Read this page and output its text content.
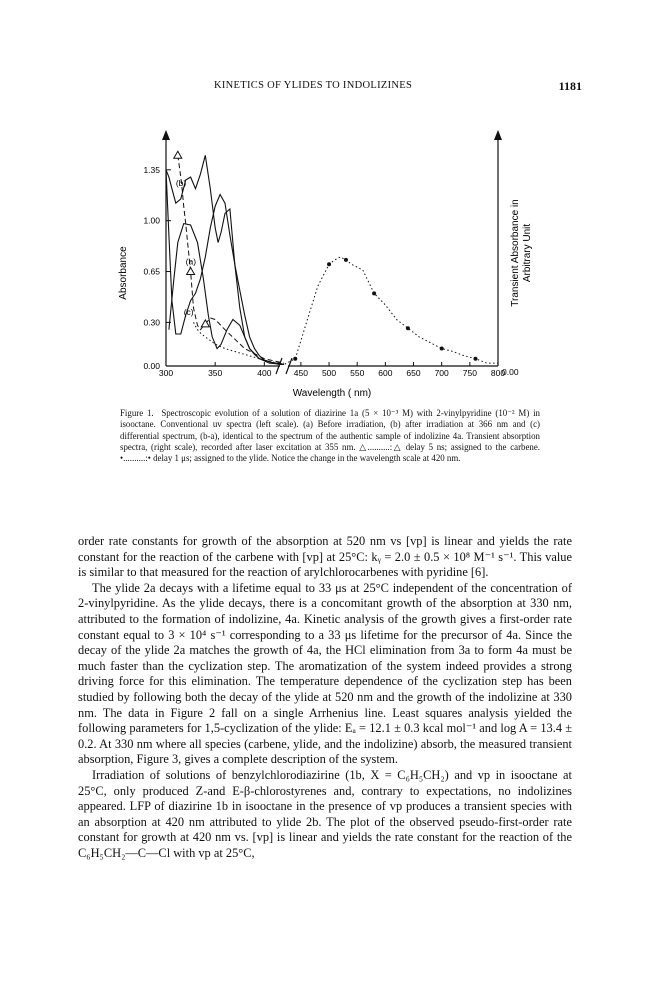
KINETICS OF YLIDES TO INDOLIZINES	1181
0.00
0.30
0.65
1.00
1.35
0.00
300	350	400	450 500 550 600 650 700 750 800
Wavelength ( nm)
Absorbance	Transient Absorbance in Arbitrary Unit
(a)
(b)
(c)

Figure 1. Spectroscopic evolution of a solution of diazirine 1a (5 × 10⁻³ M) with 2-vinylpyridine (10⁻² M) in isooctane. Conventional uv spectra (left scale). (a) Before irradiation, (b) after irradiation at 366 nm and (c) differential spectrum, (b-a), identical to the spectrum of the authentic sample of indolizine 4a. Transient absorption spectra, (right scale), recorded after laser excitation at 355 nm. △..........:△ delay 5 ns; assigned to the carbene. •..........:• delay 1 μs; assigned to the ylide. Notice the change in the wavelength scale at 420 nm.

order rate constants for growth of the absorption at 520 nm vs [vp] is linear and yields the rate constant for the reaction of the carbene with [vp] at 25°C: kᵧ = 2.0 ± 0.5 × 10⁸ M⁻¹ s⁻¹. This value is similar to that measured for the reaction of arylchlorocarbenes with pyridine [6].

The ylide 2a decays with a lifetime equal to 33 μs at 25°C independent of the concentration of 2-vinylpyridine. As the ylide decays, there is a concomitant growth of the absorption at 330 nm, attributed to the formation of indolizine, 4a. Kinetic analysis of the growth gives a first-order rate constant equal to 3 × 10⁴ s⁻¹ corresponding to a 33 μs lifetime for the precursor of 4a. Since the decay of the ylide 2a matches the growth of 4a, the HCl elimination from 3a to form 4a must be much faster than the cyclization step. The aromatization of the system indeed provides a strong driving force for this elimination. The temperature dependence of the cyclization step has been studied by following both the decay of the ylide at 520 nm and the growth of the indolizine at 330 nm. The data in Figure 2 fall on a single Arrhenius line. Least squares analysis yielded the following parameters for 1,5-cyclization of the ylide: Eₐ = 12.1 ± 0.3 kcal mol⁻¹ and log A = 13.4 ± 0.2. At 330 nm where all species (carbene, ylide, and the indolizine) absorb, the measured transient absorption, Figure 3, gives a complete description of the system.

Irradiation of solutions of benzylchlorodiazirine (1b, X = C₆H₅CH₂) and vp in isooctane at 25°C, only produced Z-and E-β-chlorostyrenes and, contrary to expectations, no indolizines appeared. LFP of diazirine 1b in isooctane in the presence of vp produces a transient species with an absorption at 420 nm attributed to ylide 2b. The plot of the observed pseudo-first-order rate constant for growth at 420 nm vs. [vp] is linear and yields the rate constant for the reaction of the C₆H₅CH₂—C—Cl with vp at 25°C,
